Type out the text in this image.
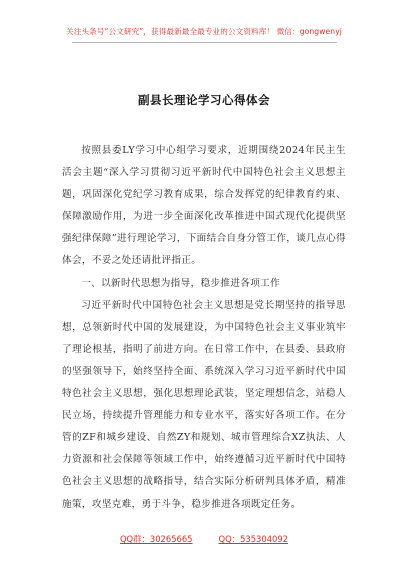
关注头条号“公文研究”，获得最新最全最专业的公文资料库！ 微信：gongwenyj
副县长理论学习心得体会

按照县委LY学习中心组学习要求，近期围绕2024年民主生活会主题“深入学习贯彻习近平新时代中国特色社会主义思想主题，巩固深化党纪学习教育成果，综合发挥党的纪律教育约束、保障激励作用，为进一步全面深化改革推进中国式现代化提供坚强纪律保障”进行理论学习，下面结合自身分管工作，谈几点心得体会，不妥之处还请批评指正。

一、以新时代思想为指导，稳步推进各项工作

习近平新时代中国特色社会主义思想是党长期坚持的指导思想，总领新时代中国的发展建设，为中国特色社会主义事业筑牢了理论根基，指明了前进方向。在日常工作中，在县委、县政府的坚强领导下，始终坚持全面、系统深入学习习近平新时代中国特色社会主义思想，强化思想理论武装，坚定理想信念，站稳人民立场，持续提升管理能力和专业水平，落实好各项工作。在分管的ZF和城乡建设、自然ZY和规划、城市管理综合XZ执法、人力资源和社会保障等领域工作中，始终遵循习近平新时代中国特色社会主义思想的战略指导，结合实际分析研判具体矛盾，精准施策，攻坚克难，勇于斗争，稳步推进各项既定任务。

QQ群：30265665	QQ：535304092
